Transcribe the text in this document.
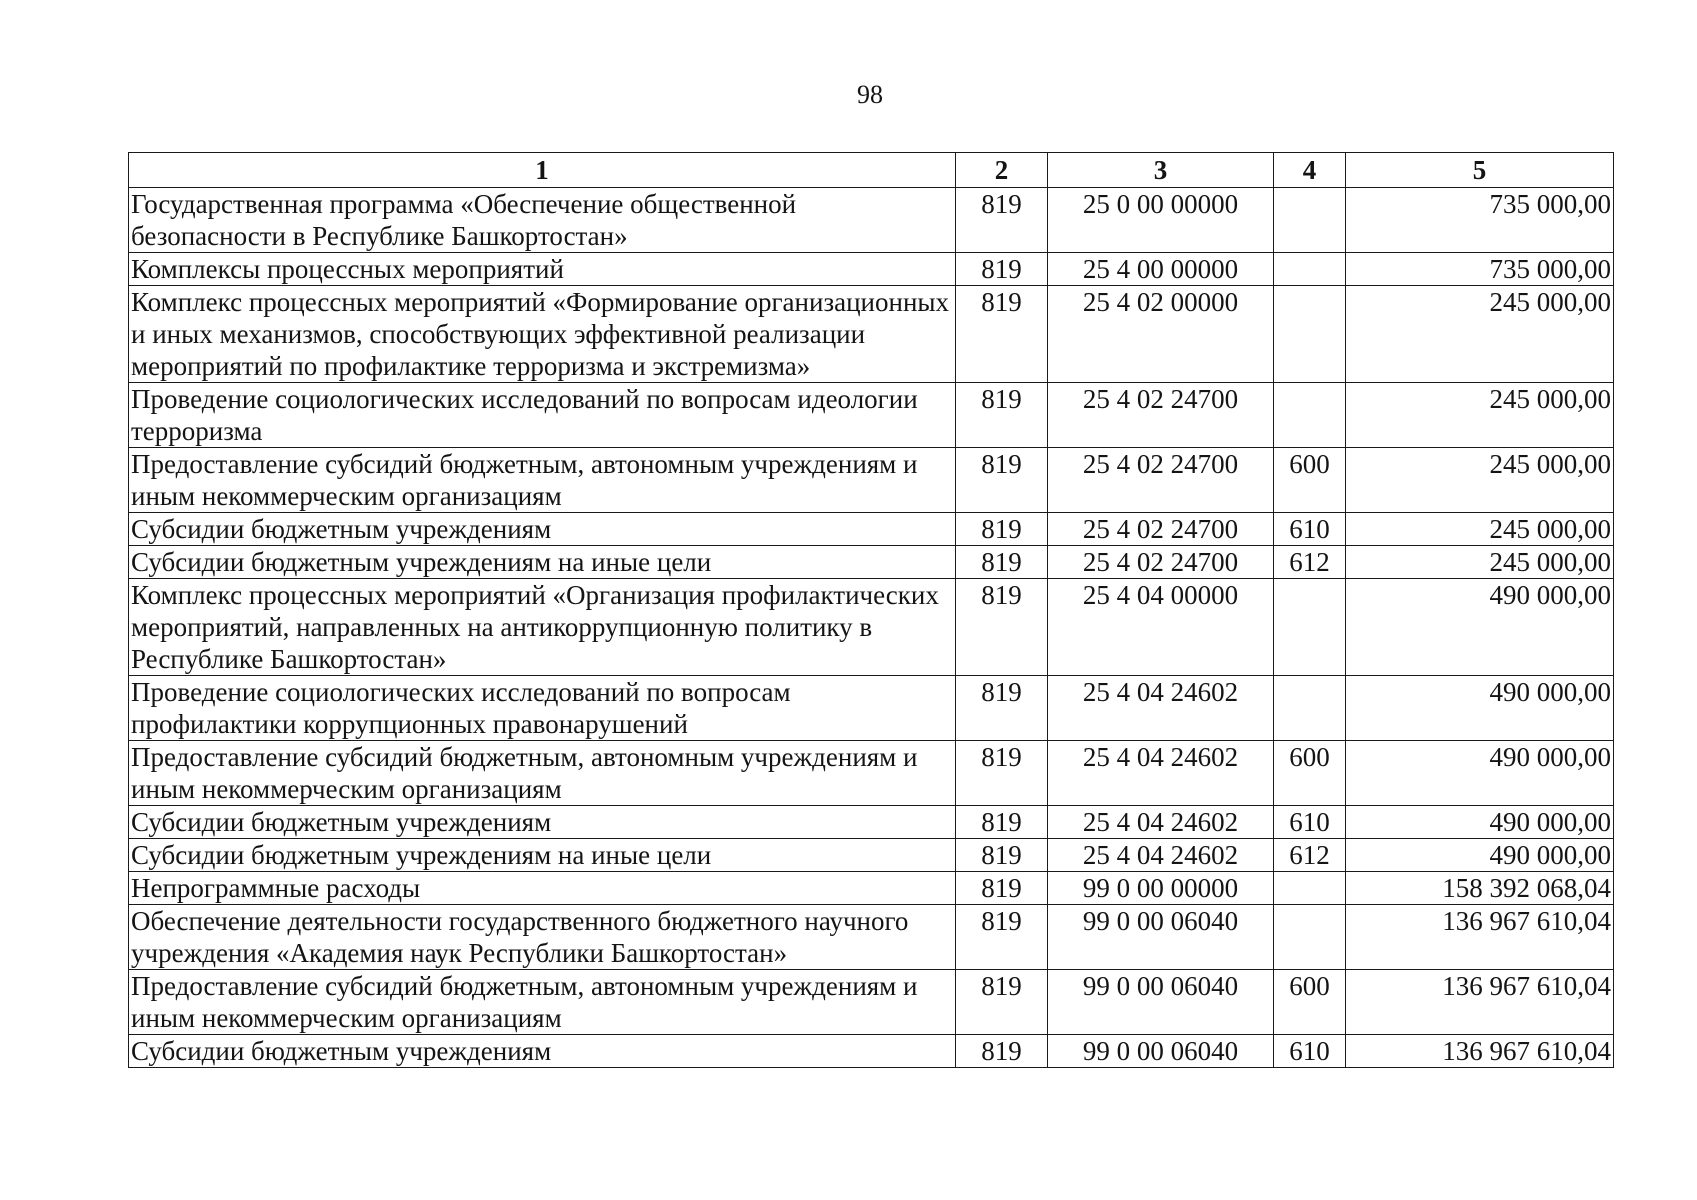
98
1	2	3	4	5
Государственная программа «Обеспечение общественной безопасности в Республике Башкортостан»	819	25 0 00 00000		735 000,00
Комплексы процессных мероприятий	819	25 4 00 00000		735 000,00
Комплекс процессных мероприятий «Формирование организационных и иных механизмов, способствующих эффективной реализации мероприятий по профилактике терроризма и экстремизма»	819	25 4 02 00000		245 000,00
Проведение социологических исследований по вопросам идеологии терроризма	819	25 4 02 24700		245 000,00
Предоставление субсидий бюджетным, автономным учреждениям и иным некоммерческим организациям	819	25 4 02 24700	600	245 000,00
Субсидии бюджетным учреждениям	819	25 4 02 24700	610	245 000,00
Субсидии бюджетным учреждениям на иные цели	819	25 4 02 24700	612	245 000,00
Комплекс процессных мероприятий «Организация профилактических мероприятий, направленных на антикоррупционную политику в Республике Башкортостан»	819	25 4 04 00000		490 000,00
Проведение социологических исследований по вопросам профилактики коррупционных правонарушений	819	25 4 04 24602		490 000,00
Предоставление субсидий бюджетным, автономным учреждениям и иным некоммерческим организациям	819	25 4 04 24602	600	490 000,00
Субсидии бюджетным учреждениям	819	25 4 04 24602	610	490 000,00
Субсидии бюджетным учреждениям на иные цели	819	25 4 04 24602	612	490 000,00
Непрограммные расходы	819	99 0 00 00000		158 392 068,04
Обеспечение деятельности государственного бюджетного научного учреждения «Академия наук Республики Башкортостан»	819	99 0 00 06040		136 967 610,04
Предоставление субсидий бюджетным, автономным учреждениям и иным некоммерческим организациям	819	99 0 00 06040	600	136 967 610,04
Субсидии бюджетным учреждениям	819	99 0 00 06040	610	136 967 610,04
